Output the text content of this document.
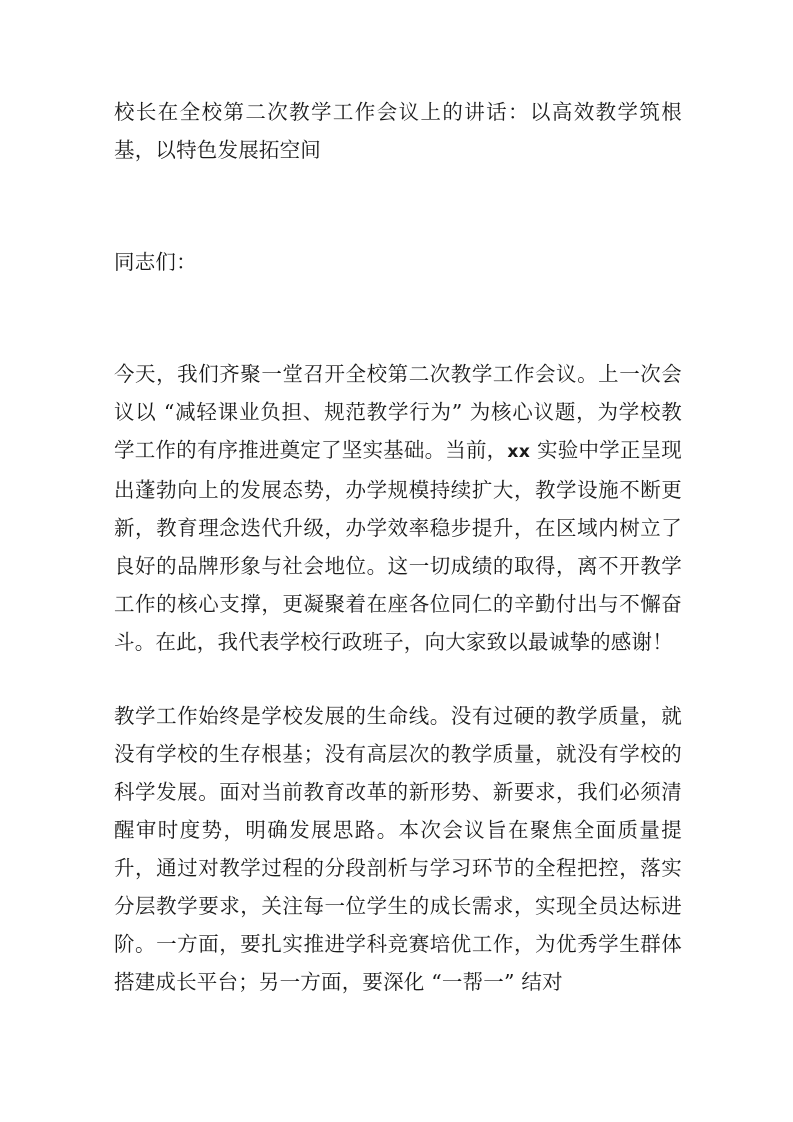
校长在全校第二次教学工作会议上的讲话：以高效教学筑根基，以特色发展拓空间
同志们：
今天，我们齐聚一堂召开全校第二次教学工作会议。上一次会议以 “减轻课业负担、规范教学行为” 为核心议题，为学校教学工作的有序推进奠定了坚实基础。当前，xx 实验中学正呈现出蓬勃向上的发展态势，办学规模持续扩大，教学设施不断更新，教育理念迭代升级，办学效率稳步提升，在区域内树立了良好的品牌形象与社会地位。这一切成绩的取得，离不开教学工作的核心支撑，更凝聚着在座各位同仁的辛勤付出与不懈奋斗。在此，我代表学校行政班子，向大家致以最诚挚的感谢！
教学工作始终是学校发展的生命线。没有过硬的教学质量，就没有学校的生存根基；没有高层次的教学质量，就没有学校的科学发展。面对当前教育改革的新形势、新要求，我们必须清醒审时度势，明确发展思路。本次会议旨在聚焦全面质量提升，通过对教学过程的分段剖析与学习环节的全程把控，落实分层教学要求，关注每一位学生的成长需求，实现全员达标进阶。一方面，要扎实推进学科竞赛培优工作，为优秀学生群体搭建成长平台；另一方面，要深化 “一帮一” 结对
